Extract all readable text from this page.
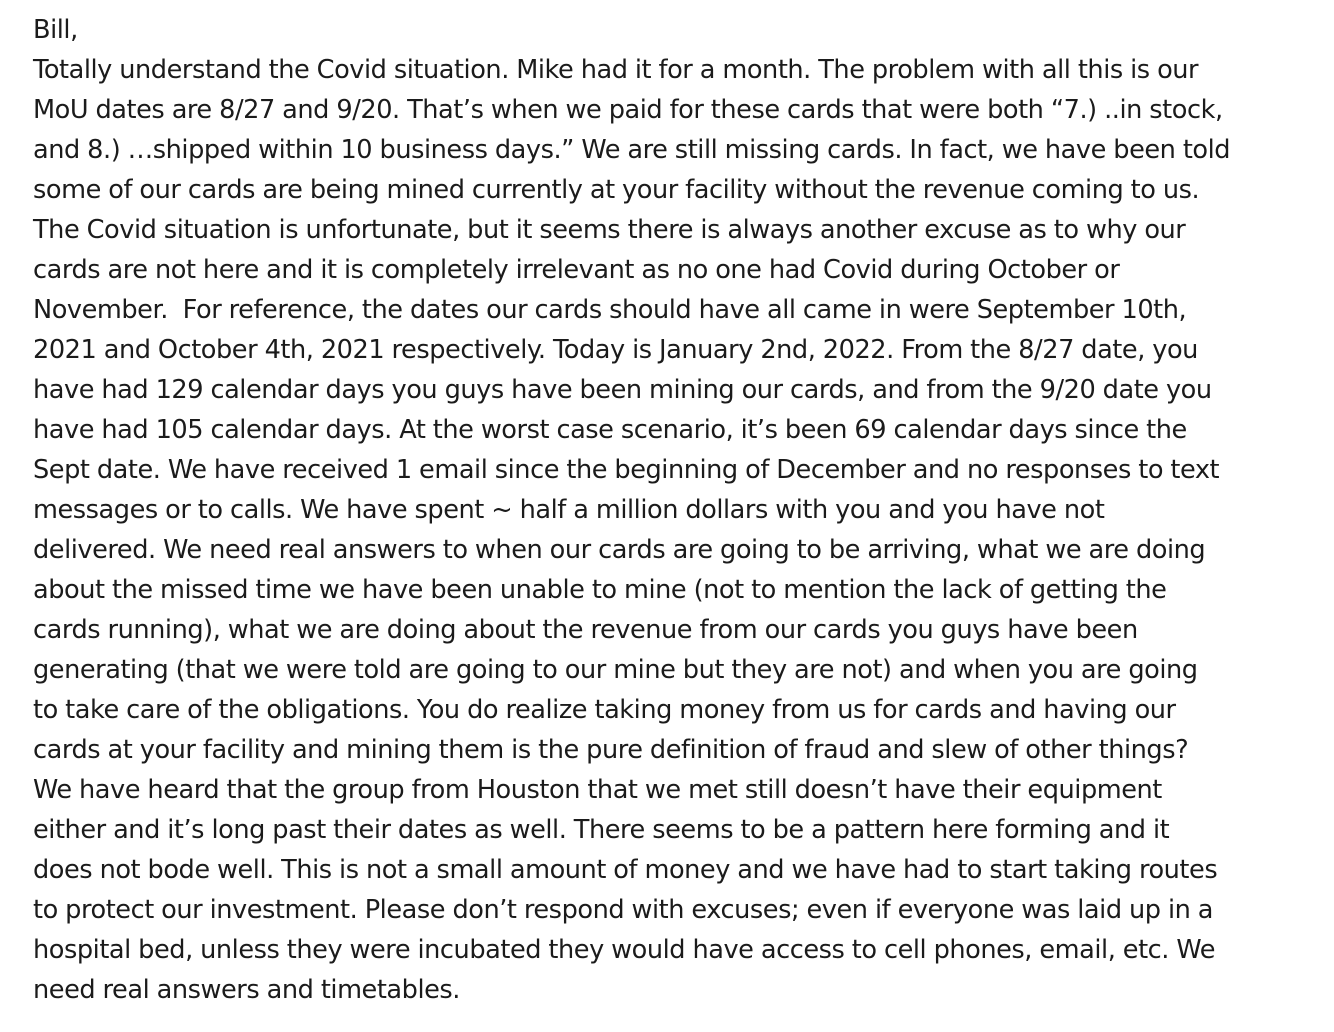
Bill,
Totally understand the Covid situation. Mike had it for a month. The problem with all this is our
MoU dates are 8/27 and 9/20. That’s when we paid for these cards that were both “7.) ..in stock,
and 8.) …shipped within 10 business days.” We are still missing cards. In fact, we have been told
some of our cards are being mined currently at your facility without the revenue coming to us.
The Covid situation is unfortunate, but it seems there is always another excuse as to why our
cards are not here and it is completely irrelevant as no one had Covid during October or
November.  For reference, the dates our cards should have all came in were September 10th,
2021 and October 4th, 2021 respectively. Today is January 2nd, 2022. From the 8/27 date, you
have had 129 calendar days you guys have been mining our cards, and from the 9/20 date you
have had 105 calendar days. At the worst case scenario, it’s been 69 calendar days since the
Sept date. We have received 1 email since the beginning of December and no responses to text
messages or to calls. We have spent ~ half a million dollars with you and you have not
delivered. We need real answers to when our cards are going to be arriving, what we are doing
about the missed time we have been unable to mine (not to mention the lack of getting the
cards running), what we are doing about the revenue from our cards you guys have been
generating (that we were told are going to our mine but they are not) and when you are going
to take care of the obligations. You do realize taking money from us for cards and having our
cards at your facility and mining them is the pure definition of fraud and slew of other things?
We have heard that the group from Houston that we met still doesn’t have their equipment
either and it’s long past their dates as well. There seems to be a pattern here forming and it
does not bode well. This is not a small amount of money and we have had to start taking routes
to protect our investment. Please don’t respond with excuses; even if everyone was laid up in a
hospital bed, unless they were incubated they would have access to cell phones, email, etc. We
need real answers and timetables.
